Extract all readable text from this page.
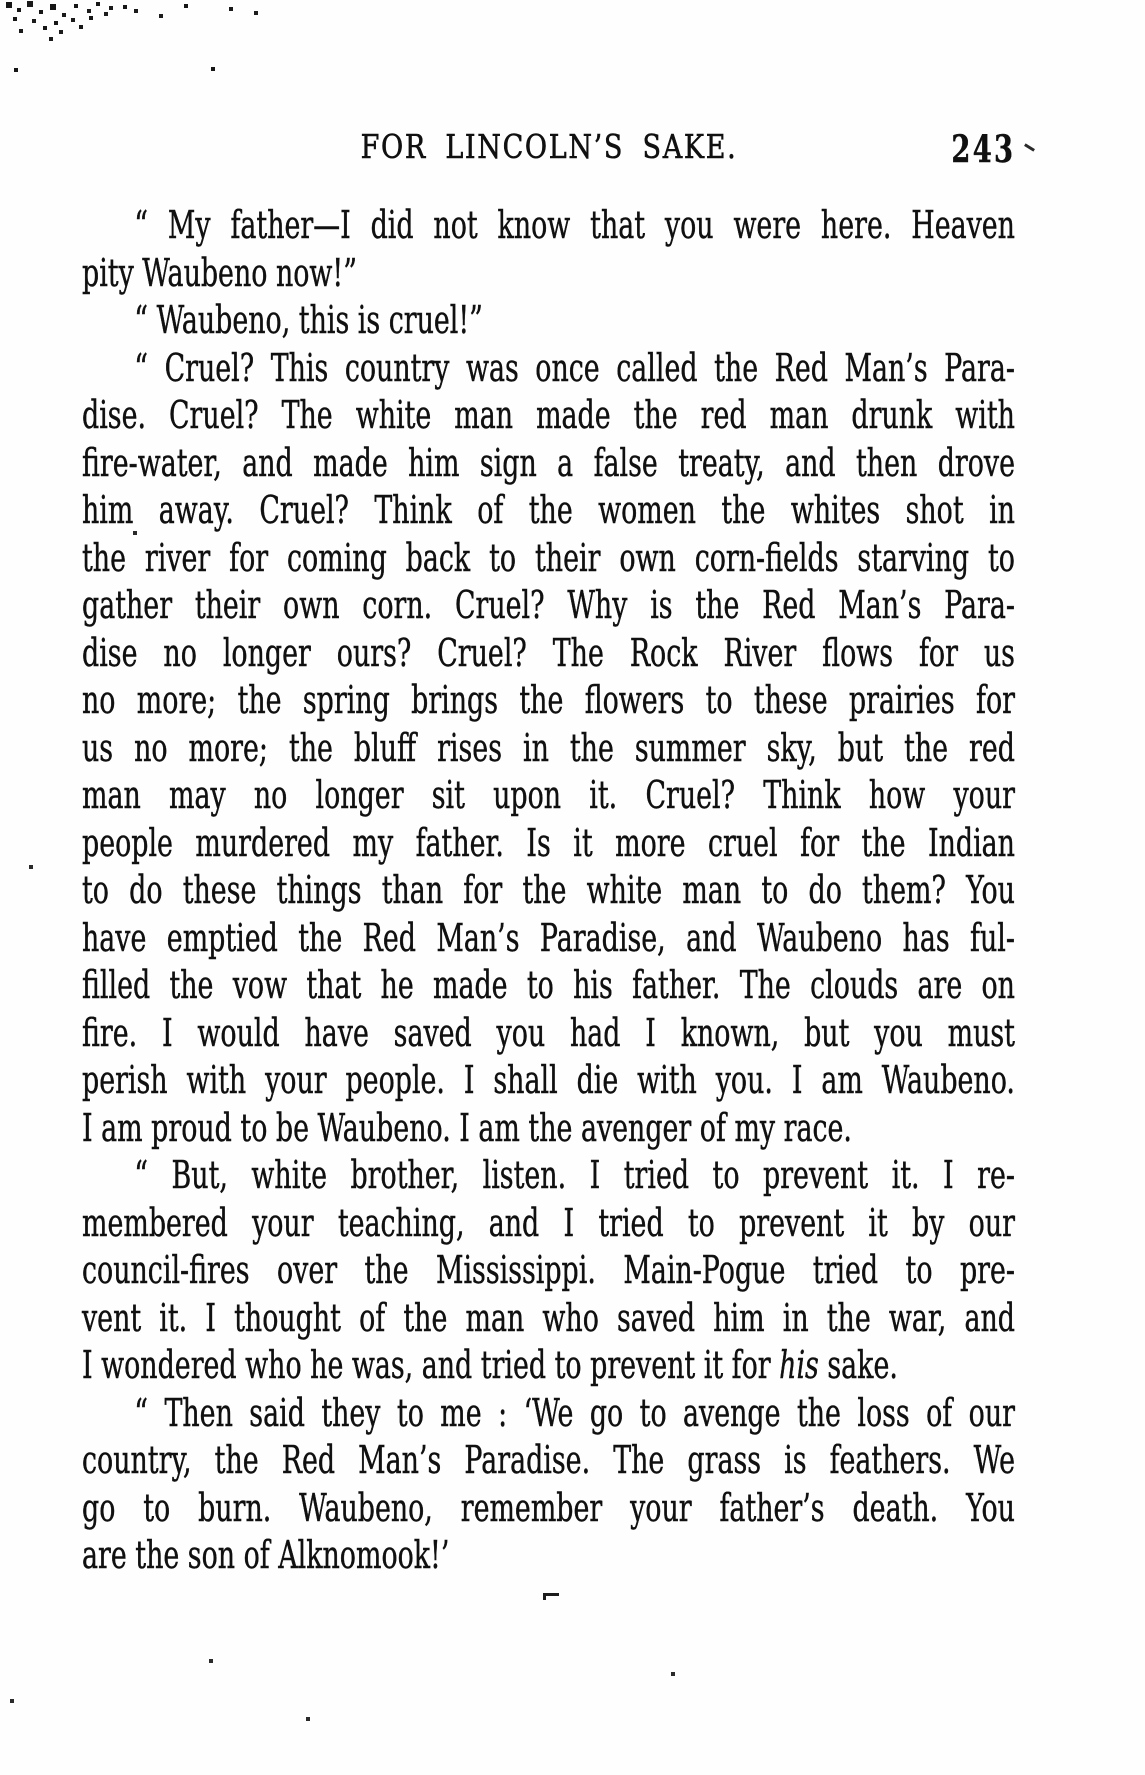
FOR LINCOLN’S SAKE.	243
“ My father—I did not know that you were here. Heaven
pity Waubeno now!”
“ Waubeno, this is cruel!”
“ Cruel? This country was once called the Red Man’s Para-
dise. Cruel? The white man made the red man drunk with
fire-water, and made him sign a false treaty, and then drove
him away. Cruel? Think of the women the whites shot in
the river for coming back to their own corn-fields starving to
gather their own corn. Cruel? Why is the Red Man’s Para-
dise no longer ours? Cruel? The Rock River flows for us
no more; the spring brings the flowers to these prairies for
us no more; the bluff rises in the summer sky, but the red
man may no longer sit upon it. Cruel? Think how your
people murdered my father. Is it more cruel for the Indian
to do these things than for the white man to do them? You
have emptied the Red Man’s Paradise, and Waubeno has ful-
filled the vow that he made to his father. The clouds are on
fire. I would have saved you had I known, but you must
perish with your people. I shall die with you. I am Waubeno.
I am proud to be Waubeno. I am the avenger of my race.
“ But, white brother, listen. I tried to prevent it. I re-
membered your teaching, and I tried to prevent it by our
council-fires over the Mississippi. Main-Pogue tried to pre-
vent it. I thought of the man who saved him in the war, and
I wondered who he was, and tried to prevent it for his sake.
“ Then said they to me : ‘We go to avenge the loss of our
country, the Red Man’s Paradise. The grass is feathers. We
go to burn. Waubeno, remember your father’s death. You
are the son of Alknomook!’
